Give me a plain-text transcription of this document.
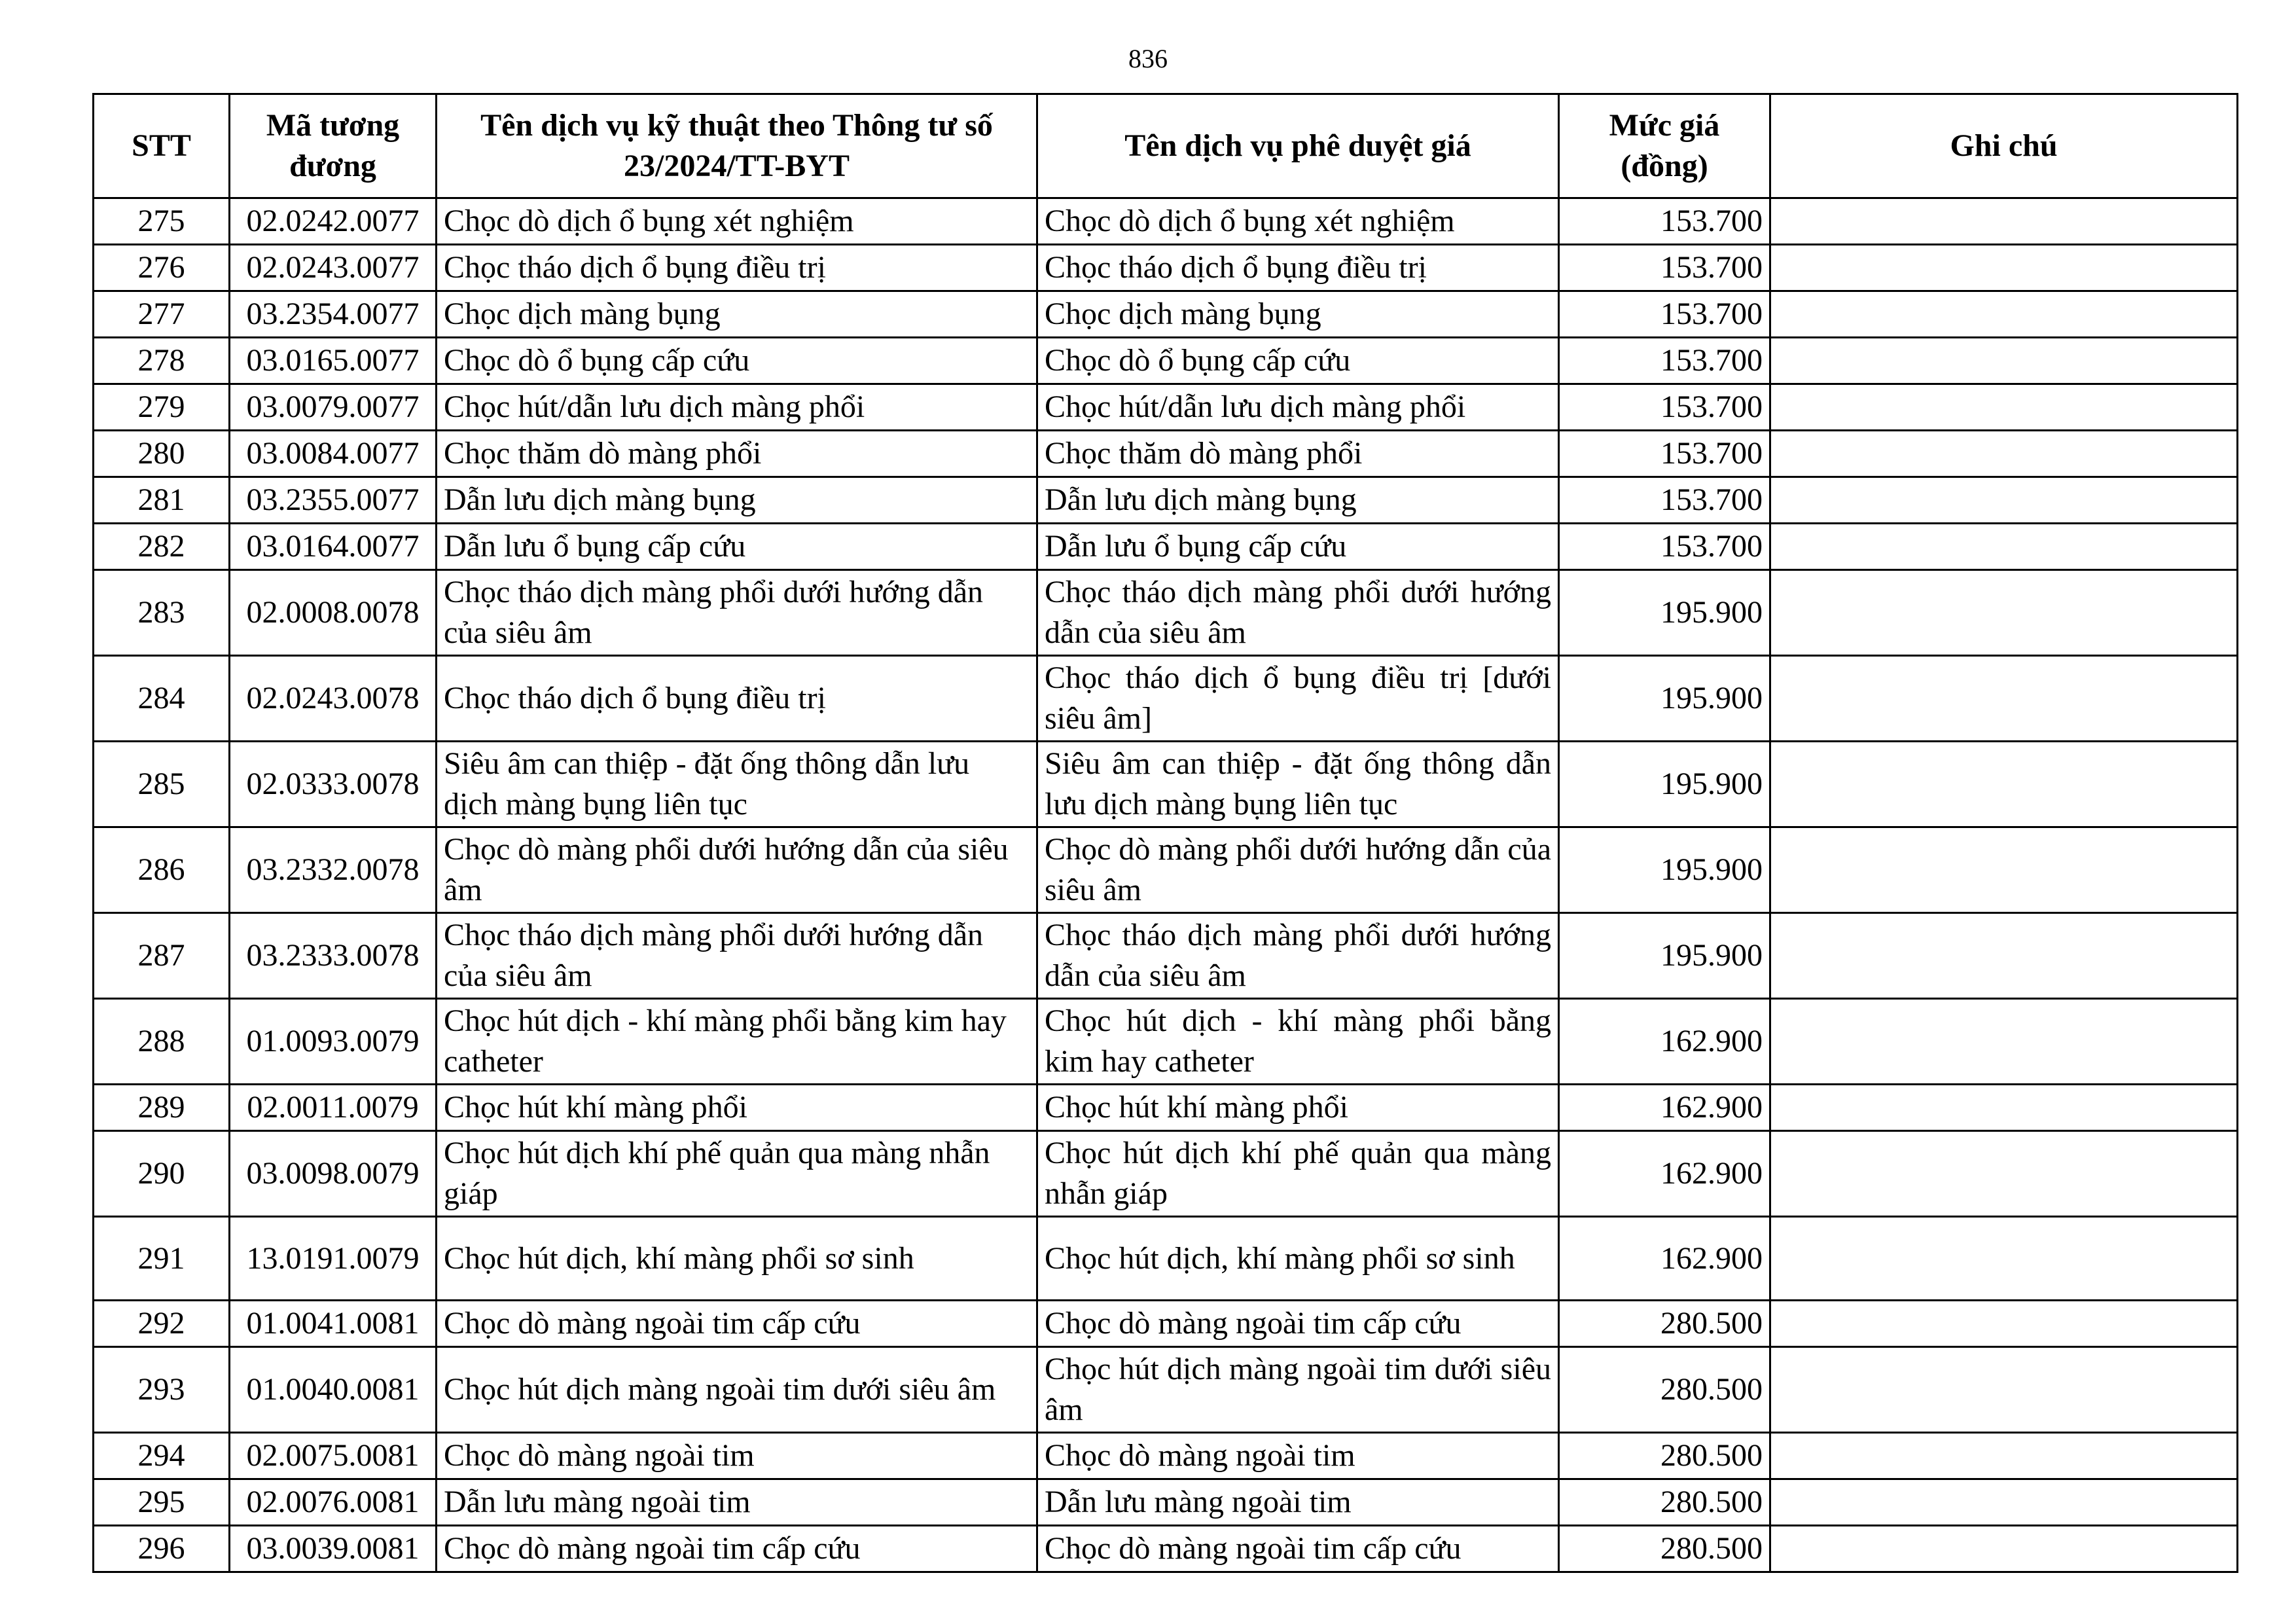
836
STT	Mã tương đương	Tên dịch vụ kỹ thuật theo Thông tư số 23/2024/TT-BYT	Tên dịch vụ phê duyệt giá	Mức giá (đồng)	Ghi chú
275	02.0242.0077	Chọc dò dịch ổ bụng xét nghiệm	Chọc dò dịch ổ bụng xét nghiệm	153.700	
276	02.0243.0077	Chọc tháo dịch ổ bụng điều trị	Chọc tháo dịch ổ bụng điều trị	153.700	
277	03.2354.0077	Chọc dịch màng bụng	Chọc dịch màng bụng	153.700	
278	03.0165.0077	Chọc dò ổ bụng cấp cứu	Chọc dò ổ bụng cấp cứu	153.700	
279	03.0079.0077	Chọc hút/dẫn lưu dịch màng phổi	Chọc hút/dẫn lưu dịch màng phổi	153.700	
280	03.0084.0077	Chọc thăm dò màng phổi	Chọc thăm dò màng phổi	153.700	
281	03.2355.0077	Dẫn lưu dịch màng bụng	Dẫn lưu dịch màng bụng	153.700	
282	03.0164.0077	Dẫn lưu ổ bụng cấp cứu	Dẫn lưu ổ bụng cấp cứu	153.700	
283	02.0008.0078	Chọc tháo dịch màng phổi dưới hướng dẫn của siêu âm	Chọc tháo dịch màng phổi dưới hướng dẫn của siêu âm	195.900	
284	02.0243.0078	Chọc tháo dịch ổ bụng điều trị	Chọc tháo dịch ổ bụng điều trị [dưới siêu âm]	195.900	
285	02.0333.0078	Siêu âm can thiệp - đặt ống thông dẫn lưu dịch màng bụng liên tục	Siêu âm can thiệp - đặt ống thông dẫn lưu dịch màng bụng liên tục	195.900	
286	03.2332.0078	Chọc dò màng phổi dưới hướng dẫn của siêu âm	Chọc dò màng phổi dưới hướng dẫn của siêu âm	195.900	
287	03.2333.0078	Chọc tháo dịch màng phổi dưới hướng dẫn của siêu âm	Chọc tháo dịch màng phổi dưới hướng dẫn của siêu âm	195.900	
288	01.0093.0079	Chọc hút dịch - khí màng phổi bằng kim hay catheter	Chọc hút dịch - khí màng phổi bằng kim hay catheter	162.900	
289	02.0011.0079	Chọc hút khí màng phổi	Chọc hút khí màng phổi	162.900	
290	03.0098.0079	Chọc hút dịch khí phế quản qua màng nhẫn giáp	Chọc hút dịch khí phế quản qua màng nhẫn giáp	162.900	
291	13.0191.0079	Chọc hút dịch, khí màng phổi sơ sinh	Chọc hút dịch, khí màng phổi sơ sinh	162.900	
292	01.0041.0081	Chọc dò màng ngoài tim cấp cứu	Chọc dò màng ngoài tim cấp cứu	280.500	
293	01.0040.0081	Chọc hút dịch màng ngoài tim dưới siêu âm	Chọc hút dịch màng ngoài tim dưới siêu âm	280.500	
294	02.0075.0081	Chọc dò màng ngoài tim	Chọc dò màng ngoài tim	280.500	
295	02.0076.0081	Dẫn lưu màng ngoài tim	Dẫn lưu màng ngoài tim	280.500	
296	03.0039.0081	Chọc dò màng ngoài tim cấp cứu	Chọc dò màng ngoài tim cấp cứu	280.500	
